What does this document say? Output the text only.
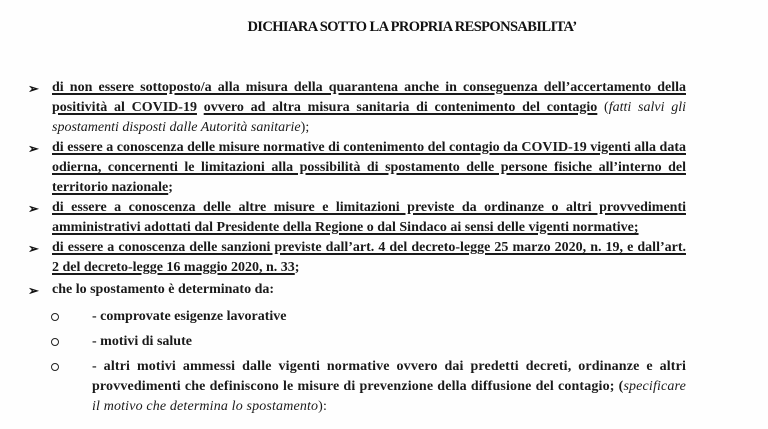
DICHIARA SOTTO LA PROPRIA RESPONSABILITA’
➢ di non essere sottoposto/a alla misura della quarantena anche in conseguenza dell’accertamento della positività al COVID-19 ovvero ad altra misura sanitaria di contenimento del contagio (fatti salvi gli spostamenti disposti dalle Autorità sanitarie);
➢ di essere a conoscenza delle misure normative di contenimento del contagio da COVID-19 vigenti alla data odierna, concernenti le limitazioni alla possibilità di spostamento delle persone fisiche all’interno del territorio nazionale;
➢ di essere a conoscenza delle altre misure e limitazioni previste da ordinanze o altri provvedimenti amministrativi adottati dal Presidente della Regione o dal Sindaco ai sensi delle vigenti normative;
➢ di essere a conoscenza delle sanzioni previste dall’art. 4 del decreto-legge 25 marzo 2020, n. 19, e dall’art. 2 del decreto-legge 16 maggio 2020, n. 33;
➢ che lo spostamento è determinato da:
- comprovate esigenze lavorative
- motivi di salute
- altri motivi ammessi dalle vigenti normative ovvero dai predetti decreti, ordinanze e altri provvedimenti che definiscono le misure di prevenzione della diffusione del contagio; (specificare il motivo che determina lo spostamento):
